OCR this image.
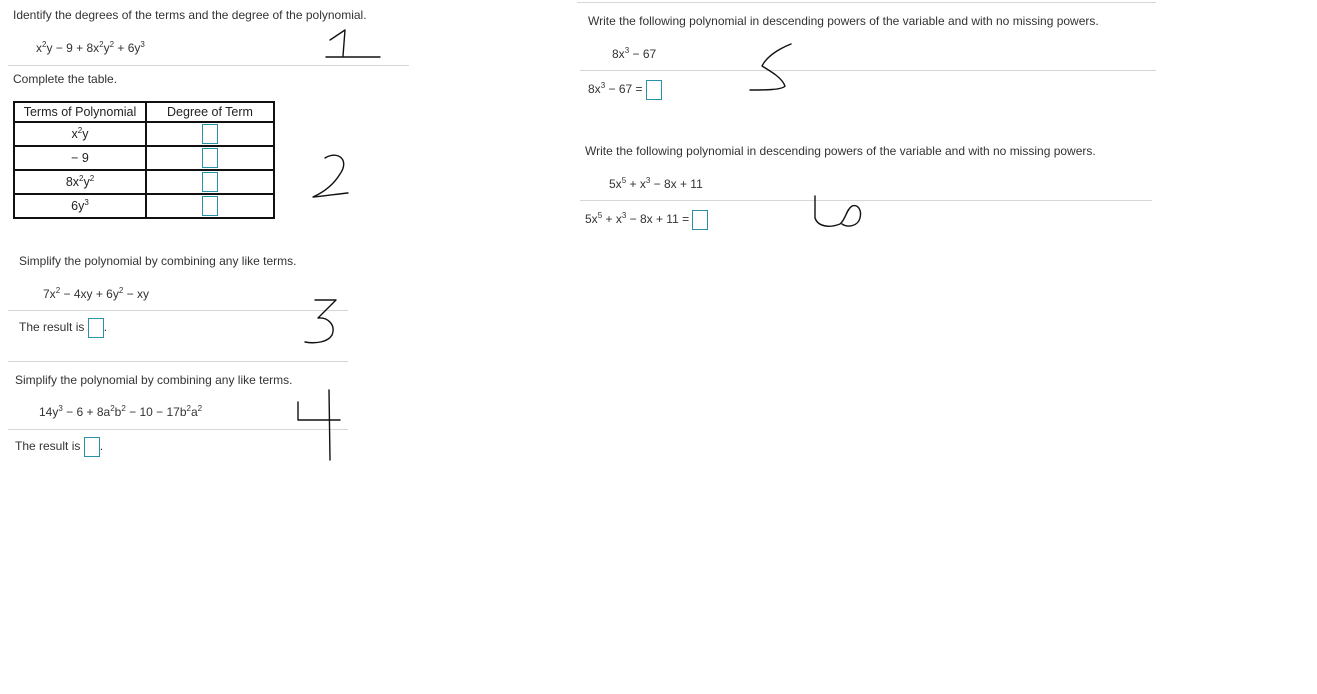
Identify the degrees of the terms and the degree of the polynomial.
$x^2y - 9 + 8x^2y^2 + 6y^3$
Complete the table.
Terms of Polynomial	Degree of Term
$x^2y$	
− 9	
$8x^2y^2$	
$6y^3$	
Simplify the polynomial by combining any like terms.
$7x^2 - 4xy + 6y^2$ − xy
The result is .
Simplify the polynomial by combining any like terms.
$14y^3 - 6 + 8a^2b^2 - 10 - 17b^2a^2$
The result is .
Write the following polynomial in descending powers of the variable and with no missing powers.
$8x^3 - 67$
$8x^3 - 67$ =
Write the following polynomial in descending powers of the variable and with no missing powers.
$5x^5 + x^3 - 8x + 11$
$5x^5 + x^3 - 8x + 11$ =
